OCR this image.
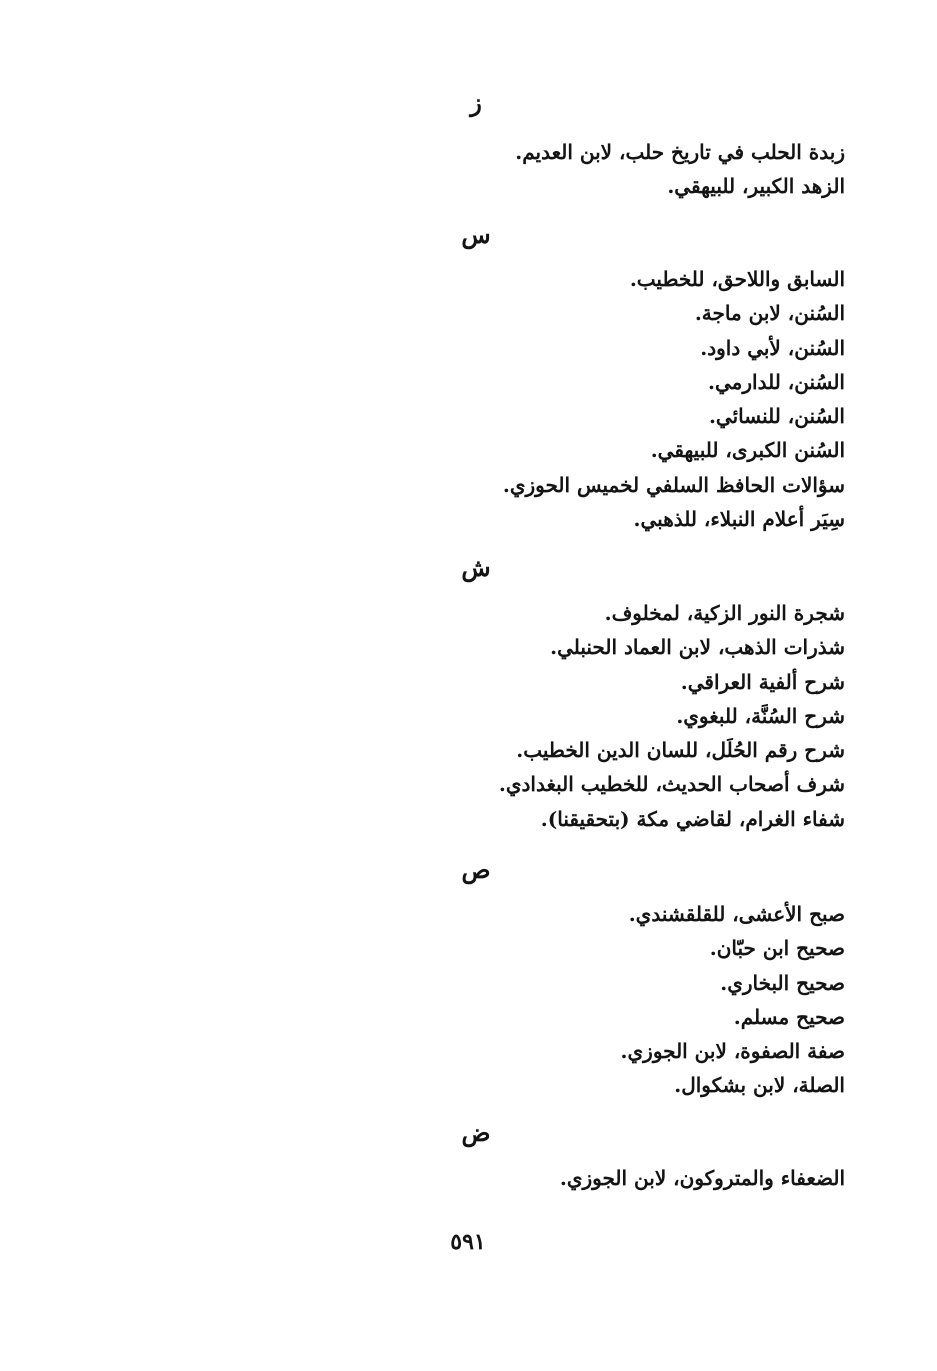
ز
زبدة الحلب في تاريخ حلب، لابن العديم.
الزهد الكبير، للبيهقي.
س
السابق واللاحق، للخطيب.
السُنن، لابن ماجة.
السُنن، لأبي داود.
السُنن، للدارمي.
السُنن، للنسائي.
السُنن الكبرى، للبيهقي.
سؤالات الحافظ السلفي لخميس الحوزي.
سِيَر أعلام النبلاء، للذهبي.
ش
شجرة النور الزكية، لمخلوف.
شذرات الذهب، لابن العماد الحنبلي.
شرح ألفية العراقي.
شرح السُنَّة، للبغوي.
شرح رقم الحُلَل، للسان الدين الخطيب.
شرف أصحاب الحديث، للخطيب البغدادي.
شفاء الغرام، لقاضي مكة (بتحقيقنا).
ص
صبح الأعشى، للقلقشندي.
صحيح ابن حبّان.
صحيح البخاري.
صحيح مسلم.
صفة الصفوة، لابن الجوزي.
الصلة، لابن بشكوال.
ض
الضعفاء والمتروكون، لابن الجوزي.
٥٩١
